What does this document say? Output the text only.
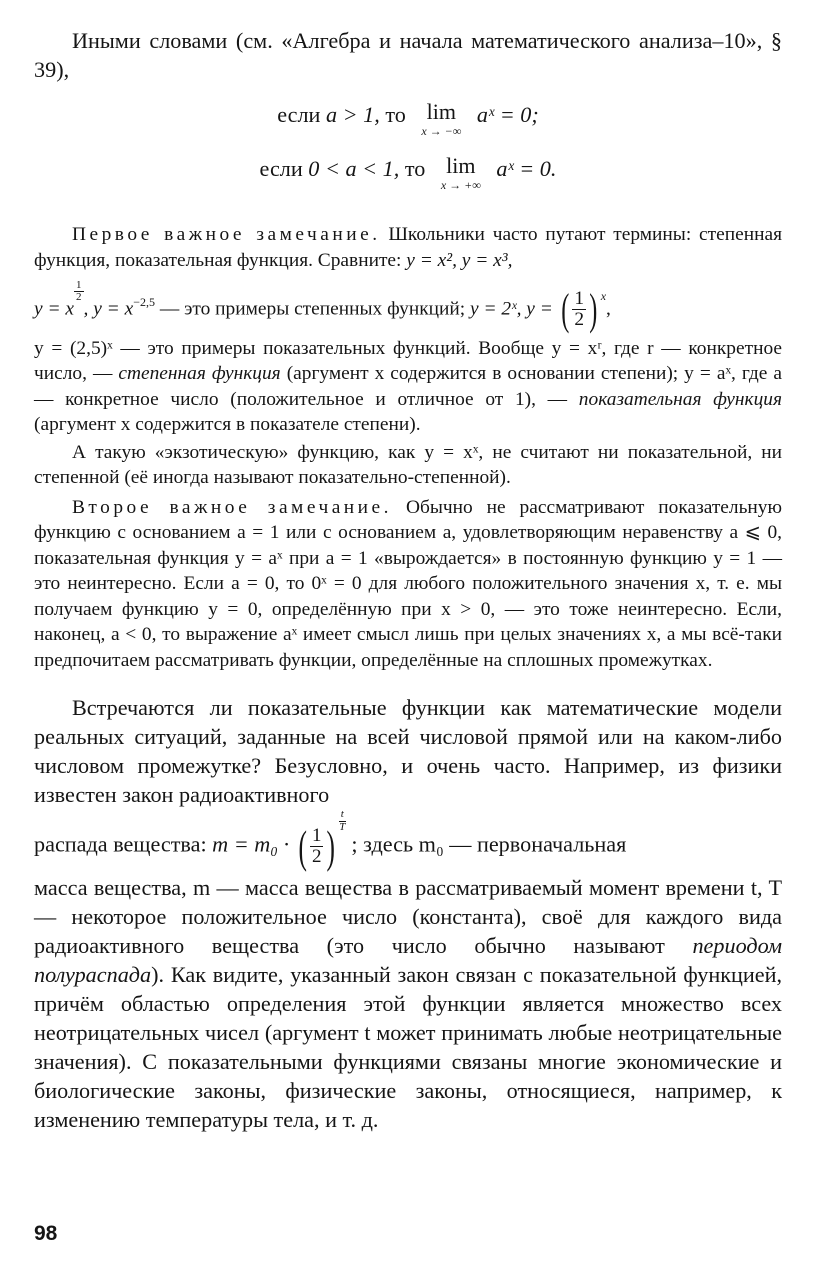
Иными словами (см. «Алгебра и начала математического анализа–10», § 39),

если a > 1, то lim
x → −∞
aˣ = 0;
если 0 < a < 1, то lim
x → +∞
aˣ = 0.

Первое важное замечание. Школьники часто путают термины: степенная функция, показательная функция. Сравните: y = x², y = x³,

y = x
$\frac{1}{2}$
, $y = x^{-2,5}$ — это примеры степенных функций; y = 2ˣ, y = ( $\frac{1}{2}$ ) $^x$,

y = (2,5)ˣ — это примеры показательных функций. Вообще y = xʳ, где r — конкретное число, — степенная функция (аргумент x содержится в основании степени); y = aˣ, где a — конкретное число (положительное и отличное от 1), — показательная функция (аргумент x содержится в показателе степени).

А такую «экзотическую» функцию, как y = xˣ, не считают ни показательной, ни степенной (её иногда называют показательно-степенной).

Второе важное замечание. Обычно не рассматривают показательную функцию с основанием a = 1 или с основанием a, удовлетворяющим неравенству a ⩽ 0, показательная функция y = aˣ при a = 1 «вырождается» в постоянную функцию y = 1 — это неинтересно. Если a = 0, то 0ˣ = 0 для любого положительного значения x, т. е. мы получаем функцию y = 0, определённую при x > 0, — это тоже неинтересно. Если, наконец, a < 0, то выражение aˣ имеет смысл лишь при целых значениях x, а мы всё-таки предпочитаем рассматривать функции, определённые на сплошных промежутках.

Встречаются ли показательные функции как математические модели реальных ситуаций, заданные на всей числовой прямой или на каком-либо числовом промежутке? Безусловно, и очень часто. Например, из физики известен закон радиоактивного

распада вещества: m = m₀ · ( $\frac{1}{2}$ ) $\frac{t}{T}$
; здесь m₀ — первоначальная

масса вещества, m — масса вещества в рассматриваемый момент времени t, T — некоторое положительное число (константа), своё для каждого вида радиоактивного вещества (это число обычно называют периодом полураспада). Как видите, указанный закон связан с показательной функцией, причём областью определения этой функции является множество всех неотрицательных чисел (аргумент t может принимать любые неотрицательные значения). С показательными функциями связаны многие экономические и биологические законы, физические законы, относящиеся, например, к изменению температуры тела, и т. д.

98
